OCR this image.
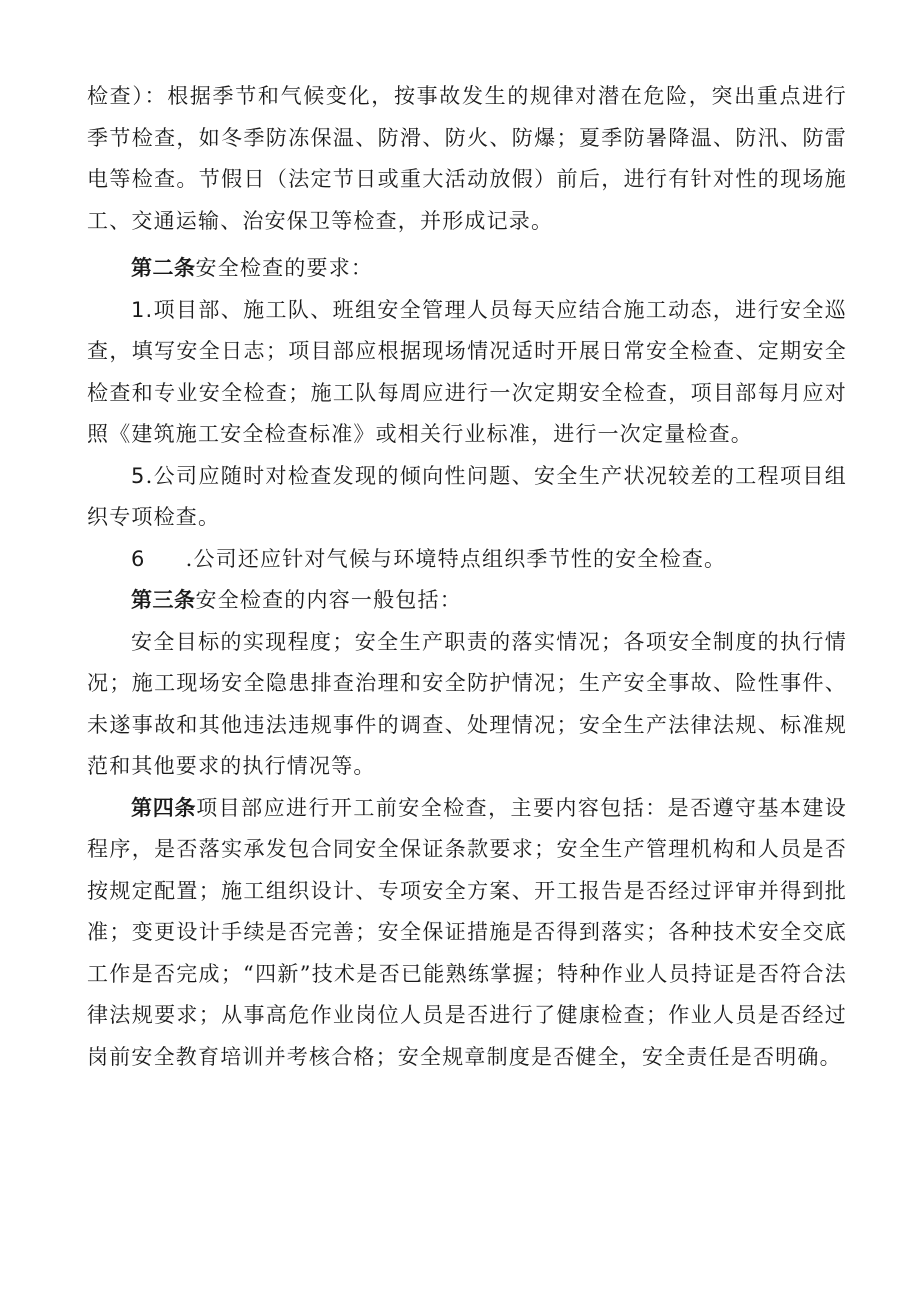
检查）：根据季节和气候变化，按事故发生的规律对潜在危险，突出重点进行季节检查，如冬季防冻保温、防滑、防火、防爆；夏季防暑降温、防汛、防雷电等检查。节假日（法定节日或重大活动放假）前后，进行有针对性的现场施工、交通运输、治安保卫等检查，并形成记录。

第二条安全检查的要求：

1.项目部、施工队、班组安全管理人员每天应结合施工动态，进行安全巡查，填写安全日志；项目部应根据现场情况适时开展日常安全检查、定期安全检查和专业安全检查；施工队每周应进行一次定期安全检查，项目部每月应对照《建筑施工安全检查标准》或相关行业标准，进行一次定量检查。

5.公司应随时对检查发现的倾向性问题、安全生产状况较差的工程项目组织专项检查。

6 .公司还应针对气候与环境特点组织季节性的安全检查。

第三条安全检查的内容一般包括：

安全目标的实现程度；安全生产职责的落实情况；各项安全制度的执行情况；施工现场安全隐患排查治理和安全防护情况；生产安全事故、险性事件、未遂事故和其他违法违规事件的调查、处理情况；安全生产法律法规、标准规范和其他要求的执行情况等。

第四条项目部应进行开工前安全检查，主要内容包括：是否遵守基本建设程序，是否落实承发包合同安全保证条款要求；安全生产管理机构和人员是否按规定配置；施工组织设计、专项安全方案、开工报告是否经过评审并得到批准；变更设计手续是否完善；安全保证措施是否得到落实；各种技术安全交底工作是否完成；“四新”技术是否已能熟练掌握；特种作业人员持证是否符合法律法规要求；从事高危作业岗位人员是否进行了健康检查；作业人员是否经过岗前安全教育培训并考核合格；安全规章制度是否健全，安全责任是否明确。
